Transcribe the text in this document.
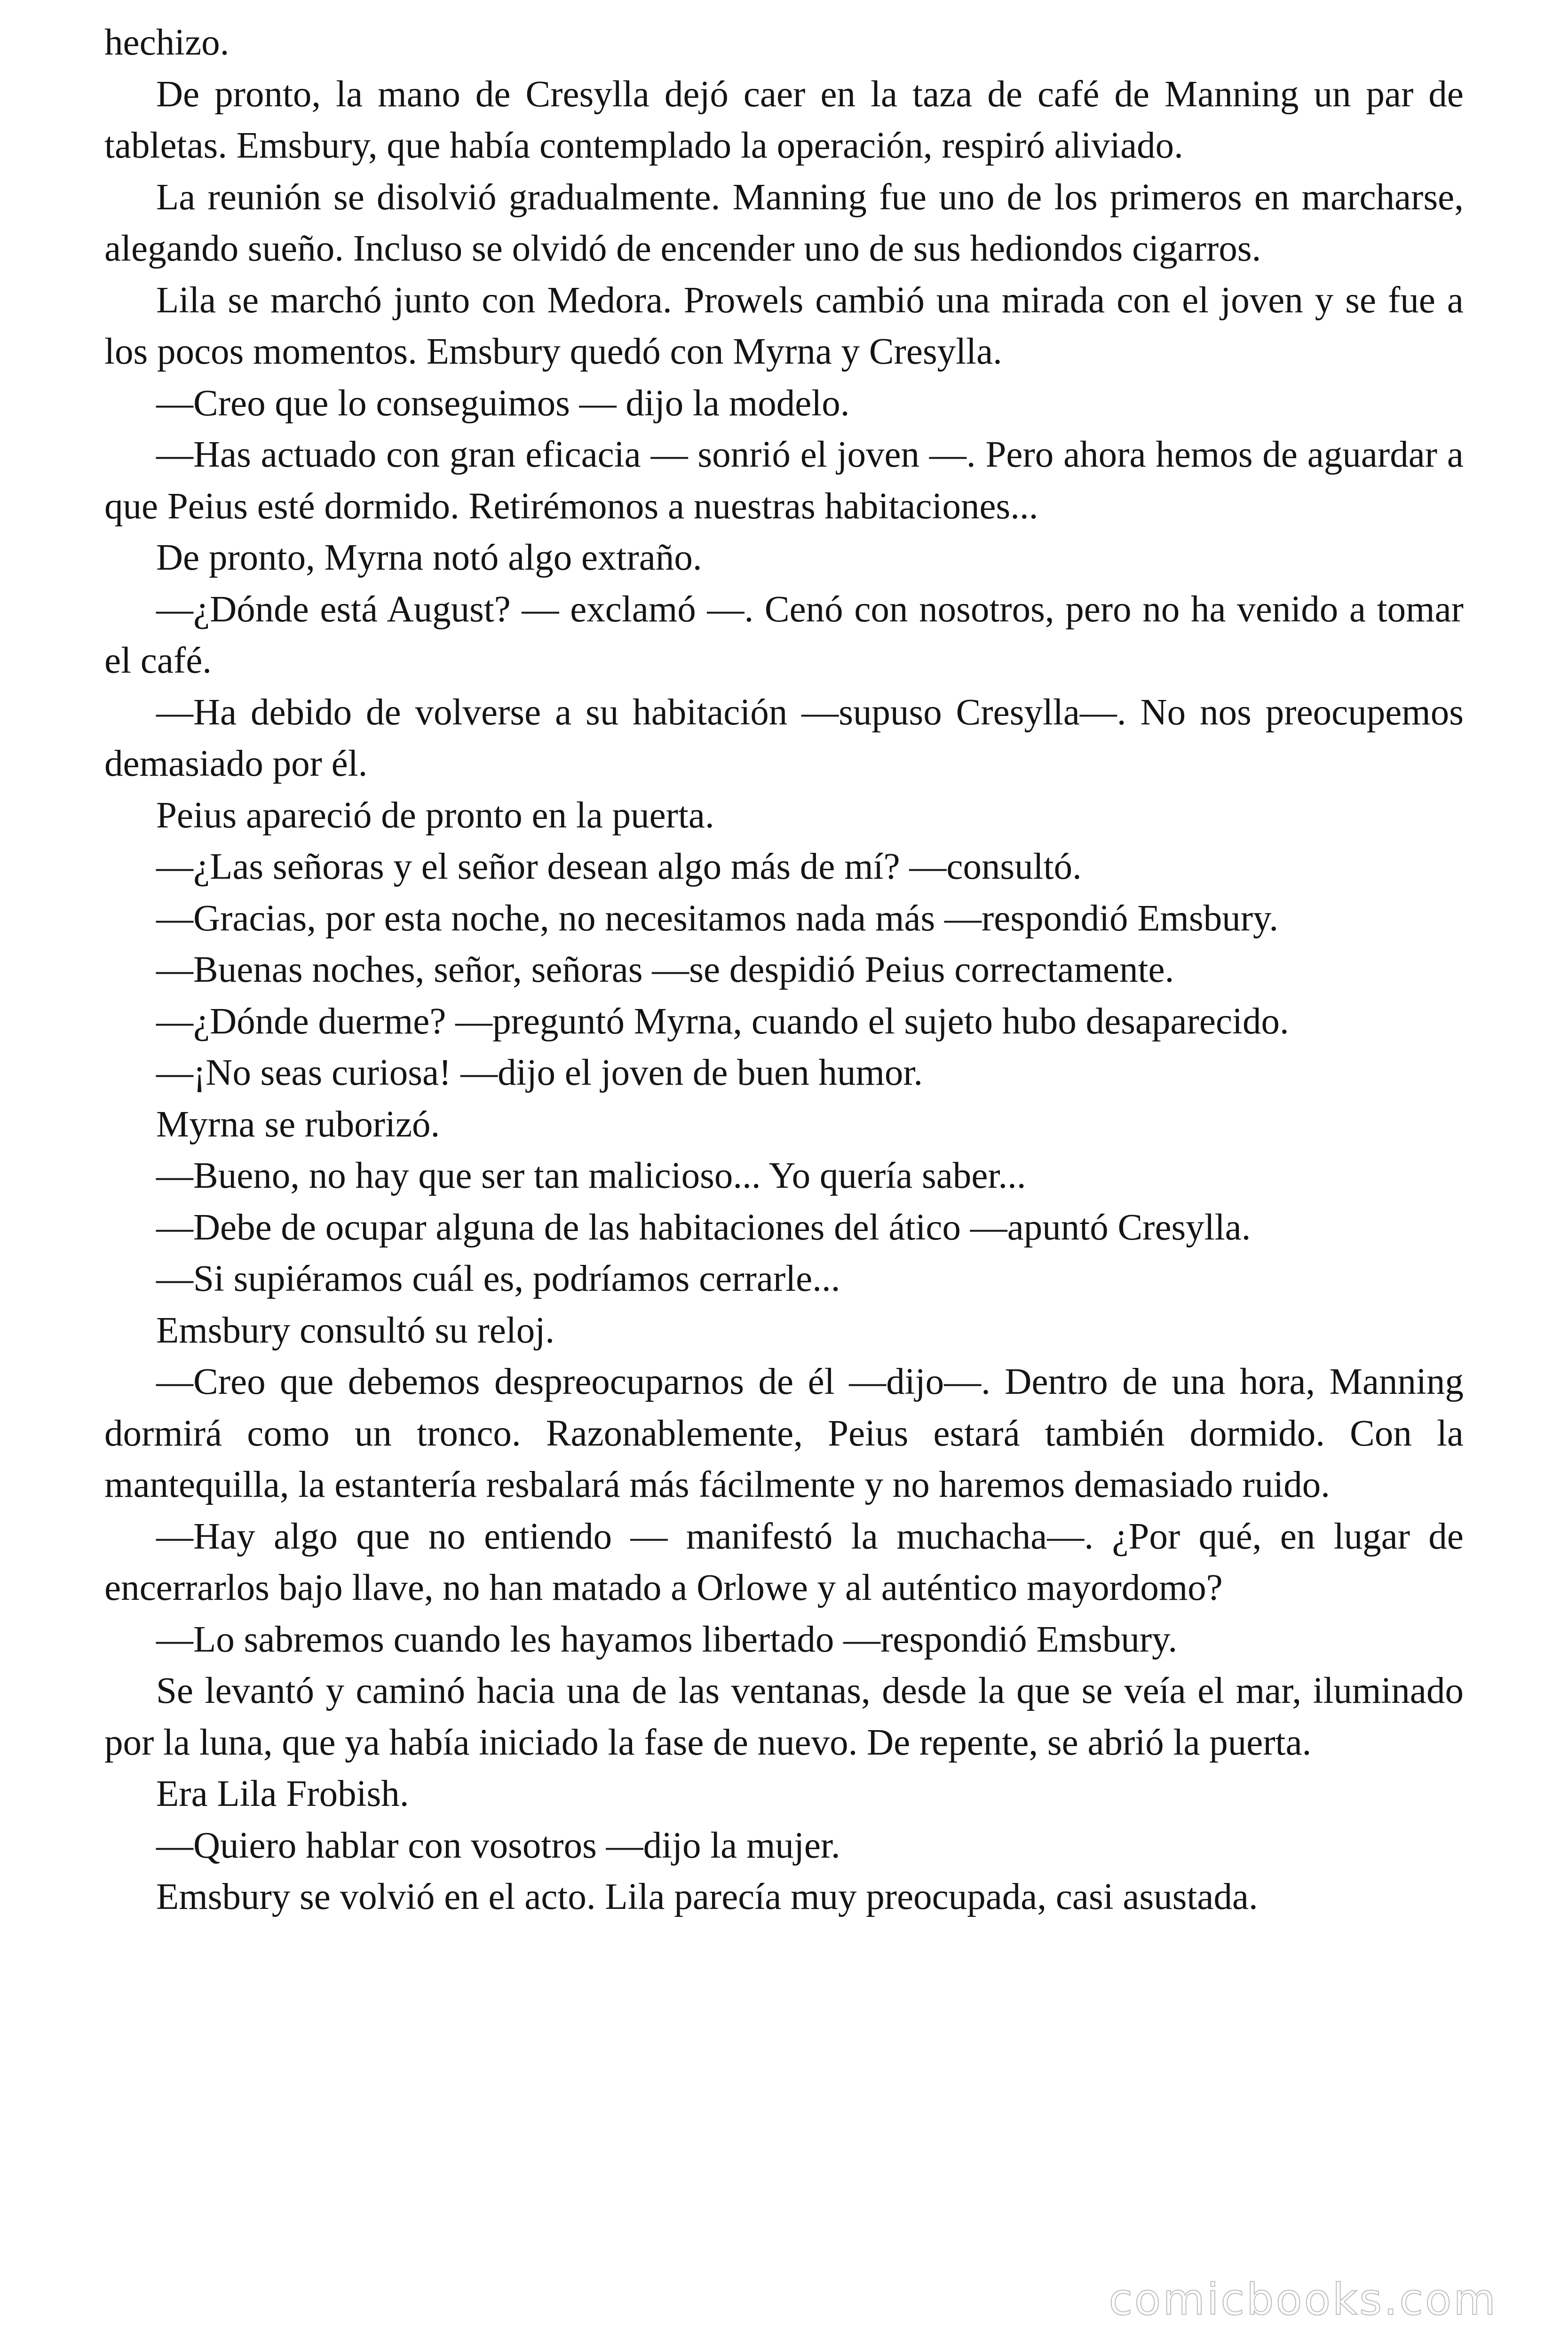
hechizo.

De pronto, la mano de Cresylla dejó caer en la taza de café de Manning un par de tabletas. Emsbury, que había contemplado la operación, respiró aliviado.

La reunión se disolvió gradualmente. Manning fue uno de los primeros en marcharse, alegando sueño. Incluso se olvidó de encender uno de sus hediondos cigarros.

Lila se marchó junto con Medora. Prowels cambió una mirada con el joven y se fue a los pocos momentos. Emsbury quedó con Myrna y Cresylla.

—Creo que lo conseguimos — dijo la modelo.

—Has actuado con gran eficacia — sonrió el joven —. Pero ahora hemos de aguardar a que Peius esté dormido. Retirémonos a nuestras habitaciones...

De pronto, Myrna notó algo extraño.

—¿Dónde está August? — exclamó —. Cenó con nosotros, pero no ha venido a tomar el café.

—Ha debido de volverse a su habitación —supuso Cresylla—. No nos preocupemos demasiado por él.

Peius apareció de pronto en la puerta.

—¿Las señoras y el señor desean algo más de mí? —consultó.

—Gracias, por esta noche, no necesitamos nada más —respondió Emsbury.

—Buenas noches, señor, señoras —se despidió Peius correctamente.

—¿Dónde duerme? —preguntó Myrna, cuando el sujeto hubo desaparecido.

—¡No seas curiosa! —dijo el joven de buen humor.

Myrna se ruborizó.

—Bueno, no hay que ser tan malicioso... Yo quería saber...

—Debe de ocupar alguna de las habitaciones del ático —apuntó Cresylla.

—Si supiéramos cuál es, podríamos cerrarle...

Emsbury consultó su reloj.

—Creo que debemos despreocuparnos de él —dijo—. Dentro de una hora, Manning dormirá como un tronco. Razonablemente, Peius estará también dormido. Con la mantequilla, la estantería resbalará más fácilmente y no haremos demasiado ruido.

—Hay algo que no entiendo — manifestó la muchacha—. ¿Por qué, en lugar de encerrarlos bajo llave, no han matado a Orlowe y al auténtico mayordomo?

—Lo sabremos cuando les hayamos libertado —respondió Emsbury.

Se levantó y caminó hacia una de las ventanas, desde la que se veía el mar, iluminado por la luna, que ya había iniciado la fase de nuevo. De repente, se abrió la puerta.

Era Lila Frobish.

—Quiero hablar con vosotros —dijo la mujer.

Emsbury se volvió en el acto. Lila parecía muy preocupada, casi asustada.

comicbooks.com
